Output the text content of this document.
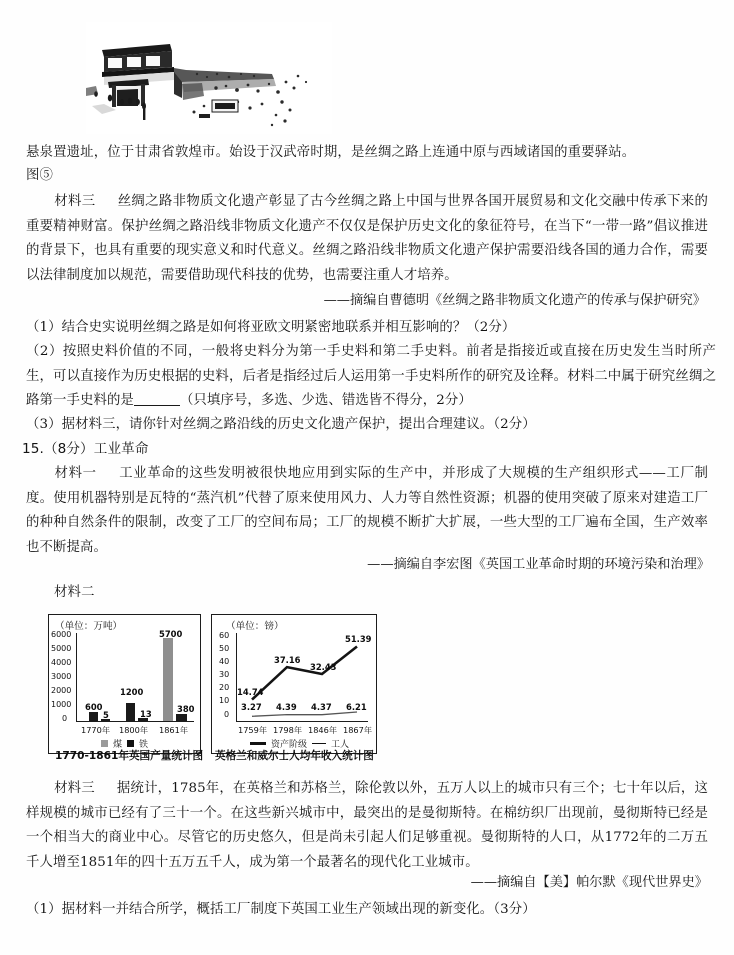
悬泉置遗址，位于甘肃省敦煌市。始设于汉武帝时期，是丝绸之路上连通中原与西域诸国的重要驿站。
图⑤
材料三 丝绸之路非物质文化遗产彰显了古今丝绸之路上中国与世界各国开展贸易和文化交融中传承下来的重要精神财富。保护丝绸之路沿线非物质文化遗产不仅仅是保护历史文化的象征符号，在当下“一带一路”倡议推进的背景下，也具有重要的现实意义和时代意义。丝绸之路沿线非物质文化遗产保护需要沿线各国的通力合作，需要以法律制度加以规范，需要借助现代科技的优势，也需要注重人才培养。
——摘编自曹德明《丝绸之路非物质文化遗产的传承与保护研究》
（1）结合史实说明丝绸之路是如何将亚欧文明紧密地联系并相互影响的？（2分）
（2）按照史料价值的不同，一般将史料分为第一手史料和第二手史料。前者是指接近或直接在历史发生当时所产生，可以直接作为历史根据的史料，后者是指经过后人运用第一手史料所作的研究及诠释。材料二中属于研究丝绸之路第一手史料的是	（只填序号，多选、少选、错选皆不得分，2分）
（3）据材料三，请你针对丝绸之路沿线的历史文化遗产保护，提出合理建议。（2分）
15.（8分）工业革命
材料一 工业革命的这些发明被很快地应用到实际的生产中，并形成了大规模的生产组织形式——工厂制度。使用机器特别是瓦特的“蒸汽机”代替了原来使用风力、人力等自然性资源；机器的使用突破了原来对建造工厂的种种自然条件的限制，改变了工厂的空间布局；工厂的规模不断扩大扩展，一些大型的工厂遍布全国，生产效率也不断提高。
——摘编自李宏图《英国工业革命时期的环境污染和治理》
材料二
（单位：万吨）
6000
5000
4000
3000
2000
1000
0
600
5
1200
13
5700
380
1770年 1800年 1861年
煤 铁
1770-1861年英国产量统计图
（单位：镑）
60
50
40
30
20
10
0
14.74
37.16
32.43
51.39
3.27 4.39 4.37 6.21
1759年 1798年 1846年 1867年
资产阶级	工人
英格兰和威尔士人均年收入统计图
材料三 据统计，1785年，在英格兰和苏格兰，除伦敦以外，五万人以上的城市只有三个；七十年以后，这样规模的城市已经有了三十一个。在这些新兴城市中，最突出的是曼彻斯特。在棉纺织厂出现前，曼彻斯特已经是一个相当大的商业中心。尽管它的历史悠久，但是尚未引起人们足够重视。曼彻斯特的人口，从1772年的二万五千人增至1851年的四十五万五千人，成为第一个最著名的现代化工业城市。
——摘编自【美】帕尔默《现代世界史》
（1）据材料一并结合所学，概括工厂制度下英国工业生产领域出现的新变化。（3分）
